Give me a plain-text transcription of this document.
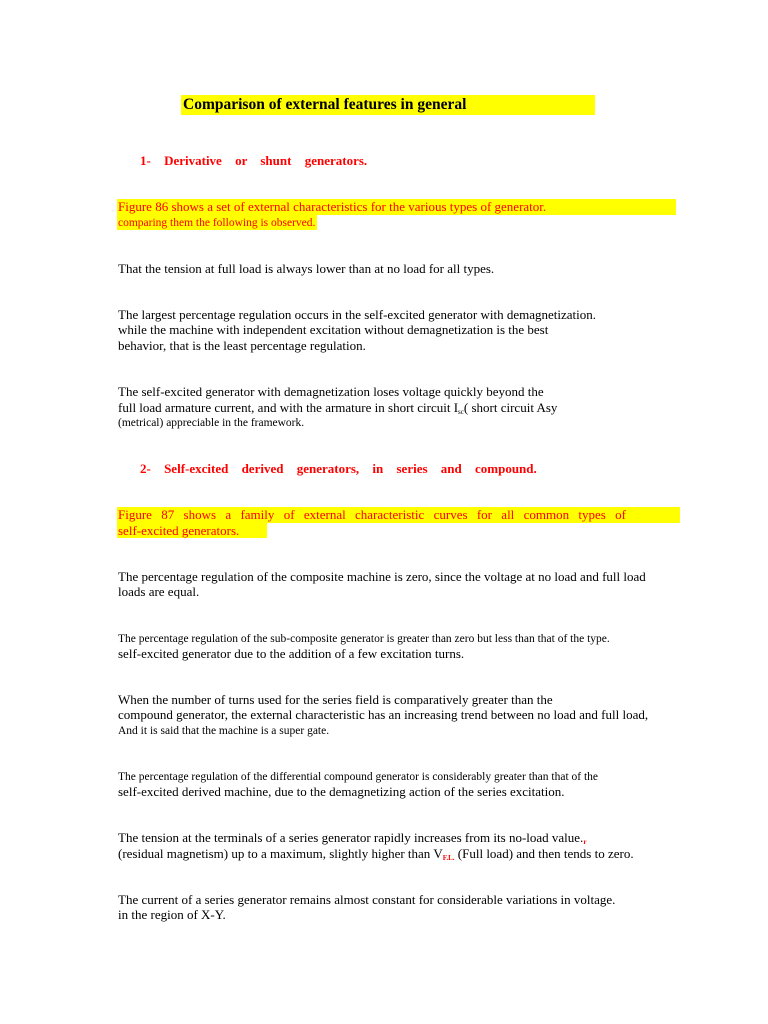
Comparison of external features in general
1- Derivative or shunt generators.
Figure 86 shows a set of external characteristics for the various types of generator.
comparing them the following is observed.
That the tension at full load is always lower than at no load for all types.
The largest percentage regulation occurs in the self-excited generator with demagnetization.
while the machine with independent excitation without demagnetization is the best
behavior, that is the least percentage regulation.
The self-excited generator with demagnetization loses voltage quickly beyond the
full load armature current, and with the armature in short circuit $I_{sc}$( short circuit Asy
(metrical) appreciable in the framework.
2- Self-excited derived generators, in series and compound.
Figure 87 shows a family of external characteristic curves for all common types of
self-excited generators.
The percentage regulation of the composite machine is zero, since the voltage at no load and full load
loads are equal.
The percentage regulation of the sub-composite generator is greater than zero but less than that of the type.
self-excited generator due to the addition of a few excitation turns.
When the number of turns used for the series field is comparatively greater than the
compound generator, the external characteristic has an increasing trend between no load and full load,
And it is said that the machine is a super gate.
The percentage regulation of the differential compound generator is considerably greater than that of the
self-excited derived machine, due to the demagnetizing action of the series excitation.
The tension at the terminals of a series generator rapidly increases from its no-load value.r
(residual magnetism) up to a maximum, slightly higher than VF.L. (Full load) and then tends to zero.
The current of a series generator remains almost constant for considerable variations in voltage.
in the region of X-Y.
